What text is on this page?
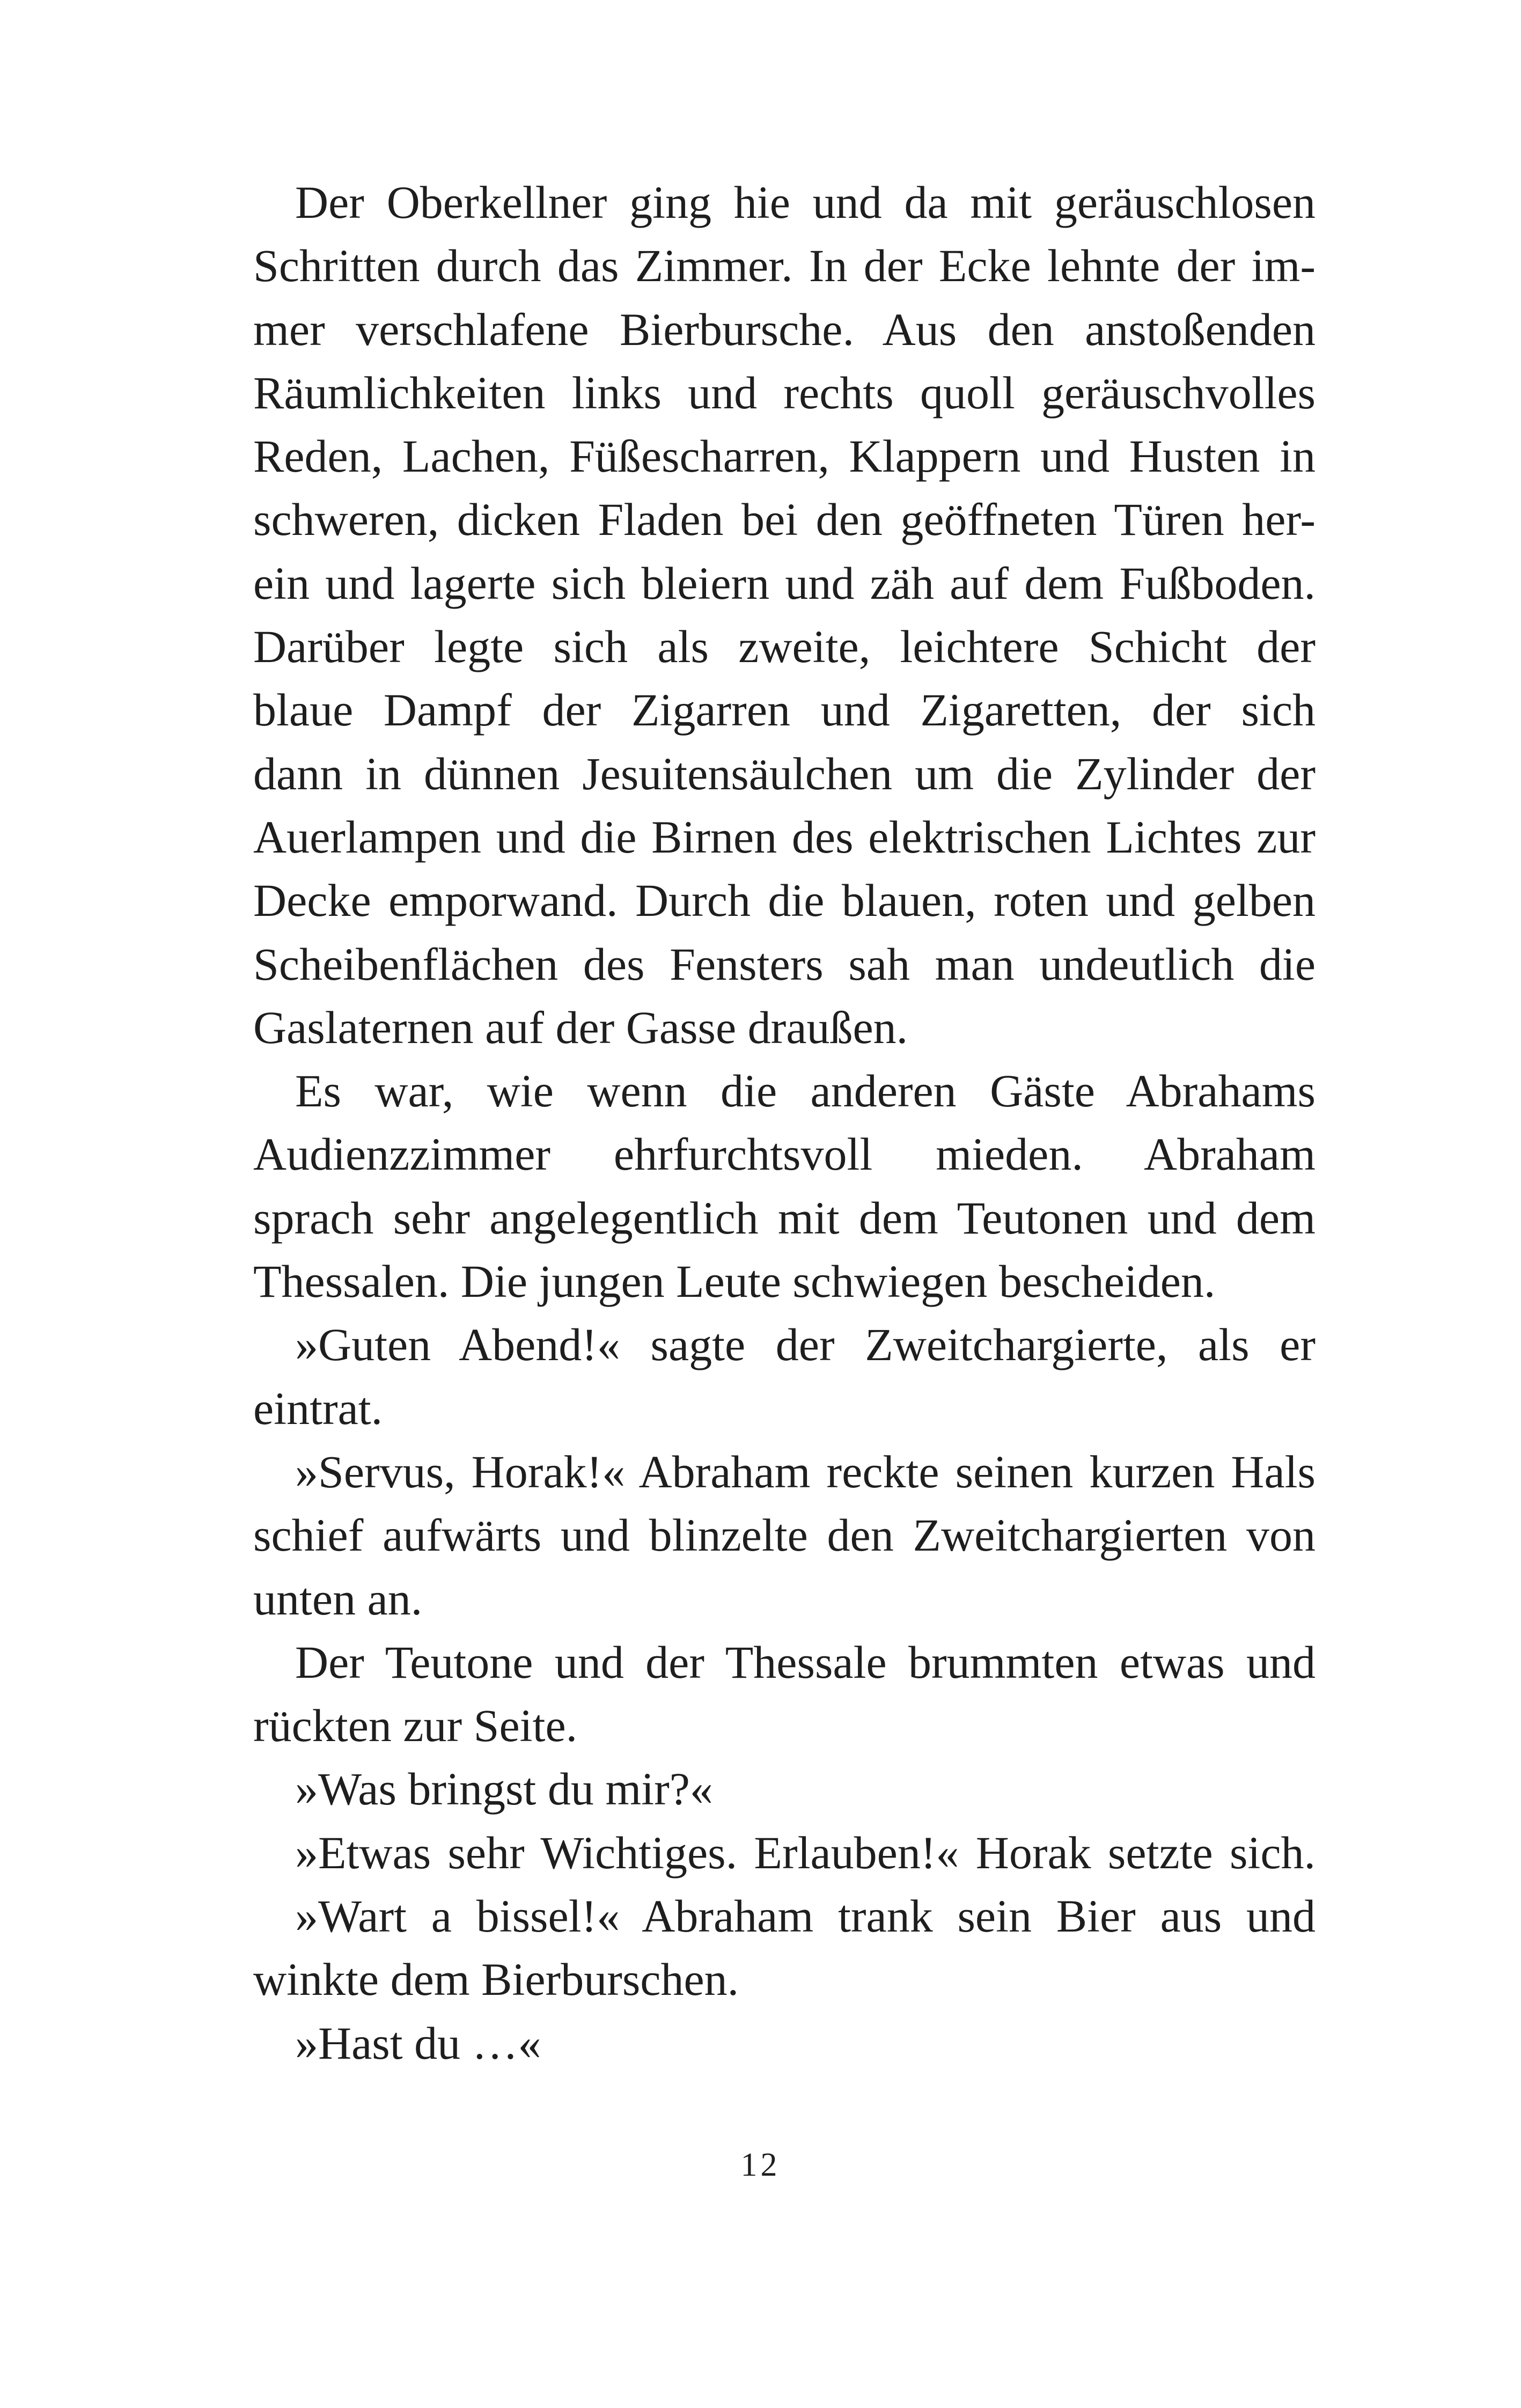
Der Oberkellner ging hie und da mit geräuschlosen
Schritten durch das Zimmer. In der Ecke lehnte der im-
mer verschlafene Bierbursche. Aus den anstoßenden
Räumlichkeiten links und rechts quoll geräuschvolles
Reden, Lachen, Füßescharren, Klappern und Husten in
schweren, dicken Fladen bei den geöffneten Türen her-
ein und lagerte sich bleiern und zäh auf dem Fußboden.
Darüber legte sich als zweite, leichtere Schicht der
blaue Dampf der Zigarren und Zigaretten, der sich
dann in dünnen Jesuitensäulchen um die Zylinder der
Auerlampen und die Birnen des elektrischen Lichtes zur
Decke emporwand. Durch die blauen, roten und gelben
Scheibenflächen des Fensters sah man undeutlich die
Gaslaternen auf der Gasse draußen.
Es war, wie wenn die anderen Gäste Abrahams
Audienzzimmer ehrfurchtsvoll mieden. Abraham
sprach sehr angelegentlich mit dem Teutonen und dem
Thessalen. Die jungen Leute schwiegen bescheiden.
»Guten Abend!« sagte der Zweitchargierte, als er
eintrat.
»Servus, Horak!« Abraham reckte seinen kurzen Hals
schief aufwärts und blinzelte den Zweitchargierten von
unten an.
Der Teutone und der Thessale brummten etwas und
rückten zur Seite.
»Was bringst du mir?«
»Etwas sehr Wichtiges. Erlauben!« Horak setzte sich.
»Wart a bissel!« Abraham trank sein Bier aus und
winkte dem Bierburschen.
»Hast du …«
12
